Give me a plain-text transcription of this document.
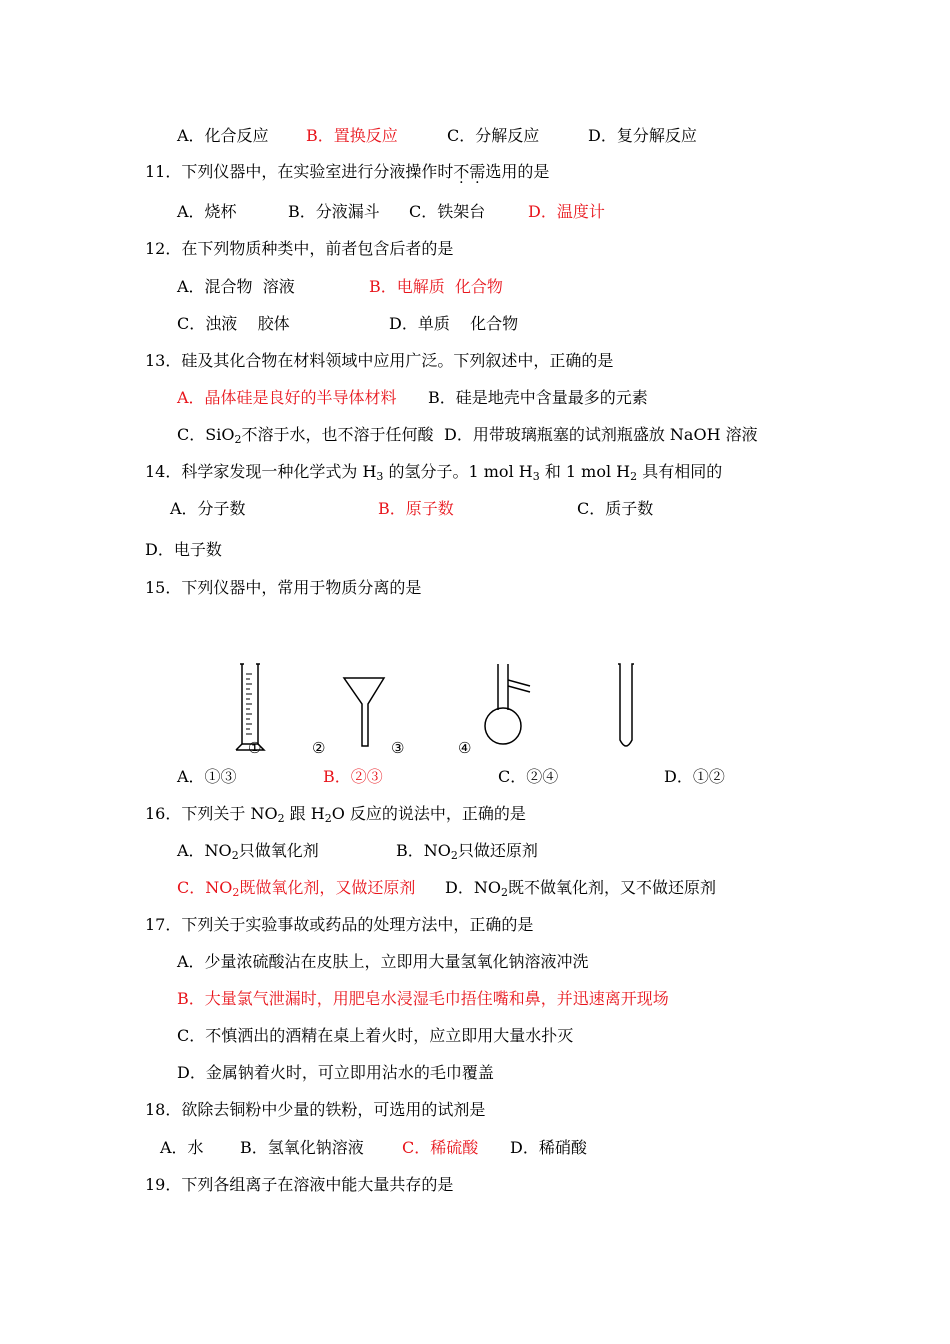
A．化合反应 B．置换反应	C．分解反应	D．复分解反应
11．下列仪器中，在实验室进行分液操作时不需选用的是
A．烧杯	B．分液漏斗 C．铁架台	D．温度计
12．在下列物质种类中，前者包含后者的是
A．混合物  溶液	B．电解质  化合物
C．浊液    胶体	D．单质    化合物
13．硅及其化合物在材料领域中应用广泛。下列叙述中，正确的是
A．晶体硅是良好的半导体材料 B．硅是地壳中含量最多的元素
C．SiO$_2$不溶于水，也不溶于任何酸 D．用带玻璃瓶塞的试剂瓶盛放 NaOH 溶液
14．科学家发现一种化学式为 $H_3$ 的氢分子。1 mol $H_3$ 和 1 mol $H_2$ 具有相同的
A．分子数	B．原子数	C．质子数
D．电子数
15．下列仪器中，常用于物质分离的是
①	②	③	④
A．①③	B．②③	C．②④	D．①②
16．下列关于 $NO_2$ 跟 $H_2O$ 反应的说法中，正确的是
A．$NO_2$只做氧化剂	B．$NO_2$只做还原剂
C．$NO_2$既做氧化剂，又做还原剂 D．$NO_2$既不做氧化剂，又不做还原剂
17．下列关于实验事故或药品的处理方法中，正确的是
A．少量浓硫酸沾在皮肤上，立即用大量氢氧化钠溶液冲洗
B．大量氯气泄漏时，用肥皂水浸湿毛巾捂住嘴和鼻，并迅速离开现场
C．不慎洒出的酒精在桌上着火时，应立即用大量水扑灭
D．金属钠着火时，可立即用沾水的毛巾覆盖
18．欲除去铜粉中少量的铁粉，可选用的试剂是
A．水 B．氢氧化钠溶液 C．稀硫酸 D．稀硝酸
19．下列各组离子在溶液中能大量共存的是
